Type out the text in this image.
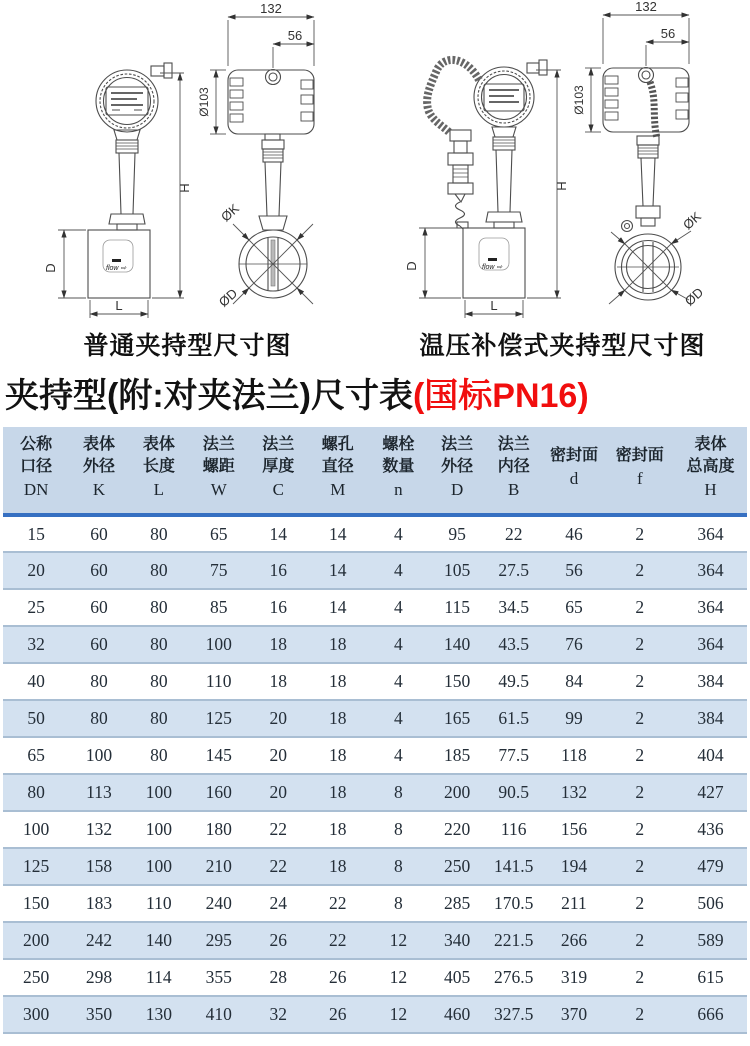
flow ⇨
D
L
H
ØK
ØD
132
56
Ø103
flow ⇨
D
L
H
ØK
ØD
132
56
Ø103
普通夹持型尺寸图	温压补偿式夹持型尺寸图
夹持型(附:对夹法兰)尺寸表(国标PN16)
公称
口径
DN	表体
外径
K	表体
长度
L	法兰
螺距
W	法兰
厚度
C	螺孔
直径
M	螺栓
数量
n	法兰
外径
D	法兰
内径
B	密封面
d	密封面
f	表体
总高度
H

15	60	80	65	14	14	4	95	22	46	2	364
20	60	80	75	16	14	4	105	27.5	56	2	364
25	60	80	85	16	14	4	115	34.5	65	2	364
32	60	80	100	18	18	4	140	43.5	76	2	364
40	80	80	110	18	18	4	150	49.5	84	2	384
50	80	80	125	20	18	4	165	61.5	99	2	384
65	100	80	145	20	18	4	185	77.5	118	2	404
80	113	100	160	20	18	8	200	90.5	132	2	427
100	132	100	180	22	18	8	220	116	156	2	436
125	158	100	210	22	18	8	250	141.5	194	2	479
150	183	110	240	24	22	8	285	170.5	211	2	506
200	242	140	295	26	22	12	340	221.5	266	2	589
250	298	114	355	28	26	12	405	276.5	319	2	615
300	350	130	410	32	26	12	460	327.5	370	2	666
